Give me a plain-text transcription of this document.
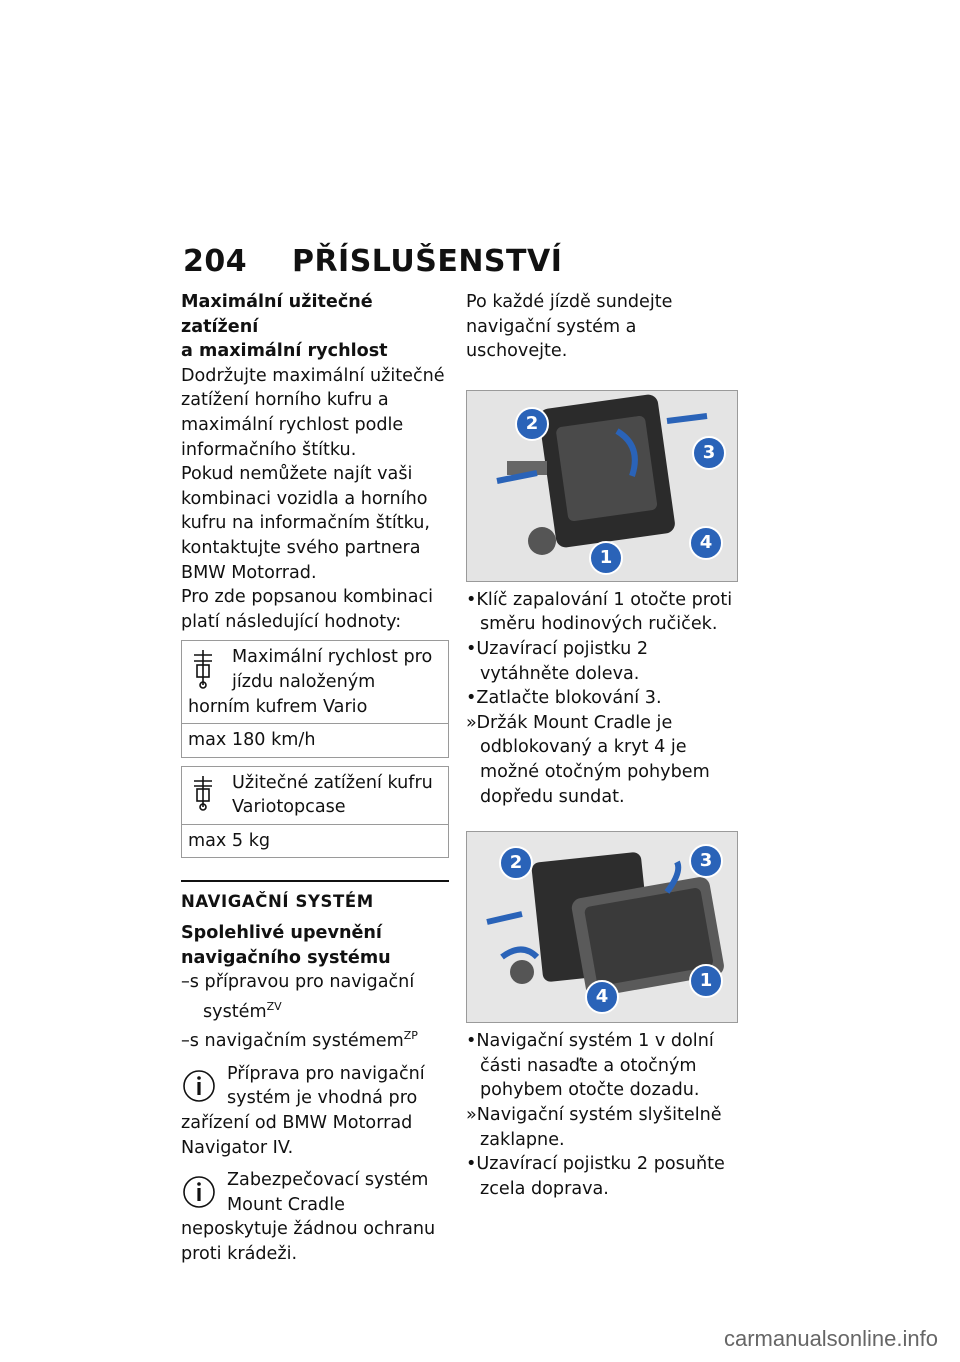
204 PŘÍSLUŠENSTVÍ
Maximální užitečné zatížení
a maximální rychlost

Dodržujte maximální užitečné zatížení horního kufru a maximální rychlost podle informačního štítku.

Pokud nemůžete najít vaši kombinaci vozidla a horního kufru na informačním štítku, kontaktujte svého partnera BMW Motorrad.

Pro zde popsanou kombinaci platí následující hodnoty:

Maximální rychlost pro jízdu naloženým horním kufrem Vario
max 180 km/h
Užitečné zatížení kufru Variotopcase
max 5 kg
NAVIGAČNÍ SYSTÉM
Spolehlivé upevnění
navigačního systému
–s přípravou pro navigační systém$^{ZV}$
–s navigačním systémem$^{ZP}$
Příprava pro navigační systém je vhodná pro zařízení od BMW Motorrad Navigator IV.
Zabezpečovací systém Mount Cradle neposkytuje žádnou ochranu proti krádeži.

Po každé jízdě sundejte navigační systém a uschovejte.

2
3
1
4
•Klíč zapalování 1 otočte proti směru hodinových ručiček.
•Uzavírací pojistku 2 vytáhněte doleva.
•Zatlačte blokování 3.
»Držák Mount Cradle je odblokovaný a kryt 4 je možné otočným pohybem dopředu sundat.
2	3
1
4
•Navigační systém 1 v dolní části nasaďte a otočným pohybem otočte dozadu.
»Navigační systém slyšitelně zaklapne.
•Uzavírací pojistku 2 posuňte zcela doprava.
carmanualsonline.info
